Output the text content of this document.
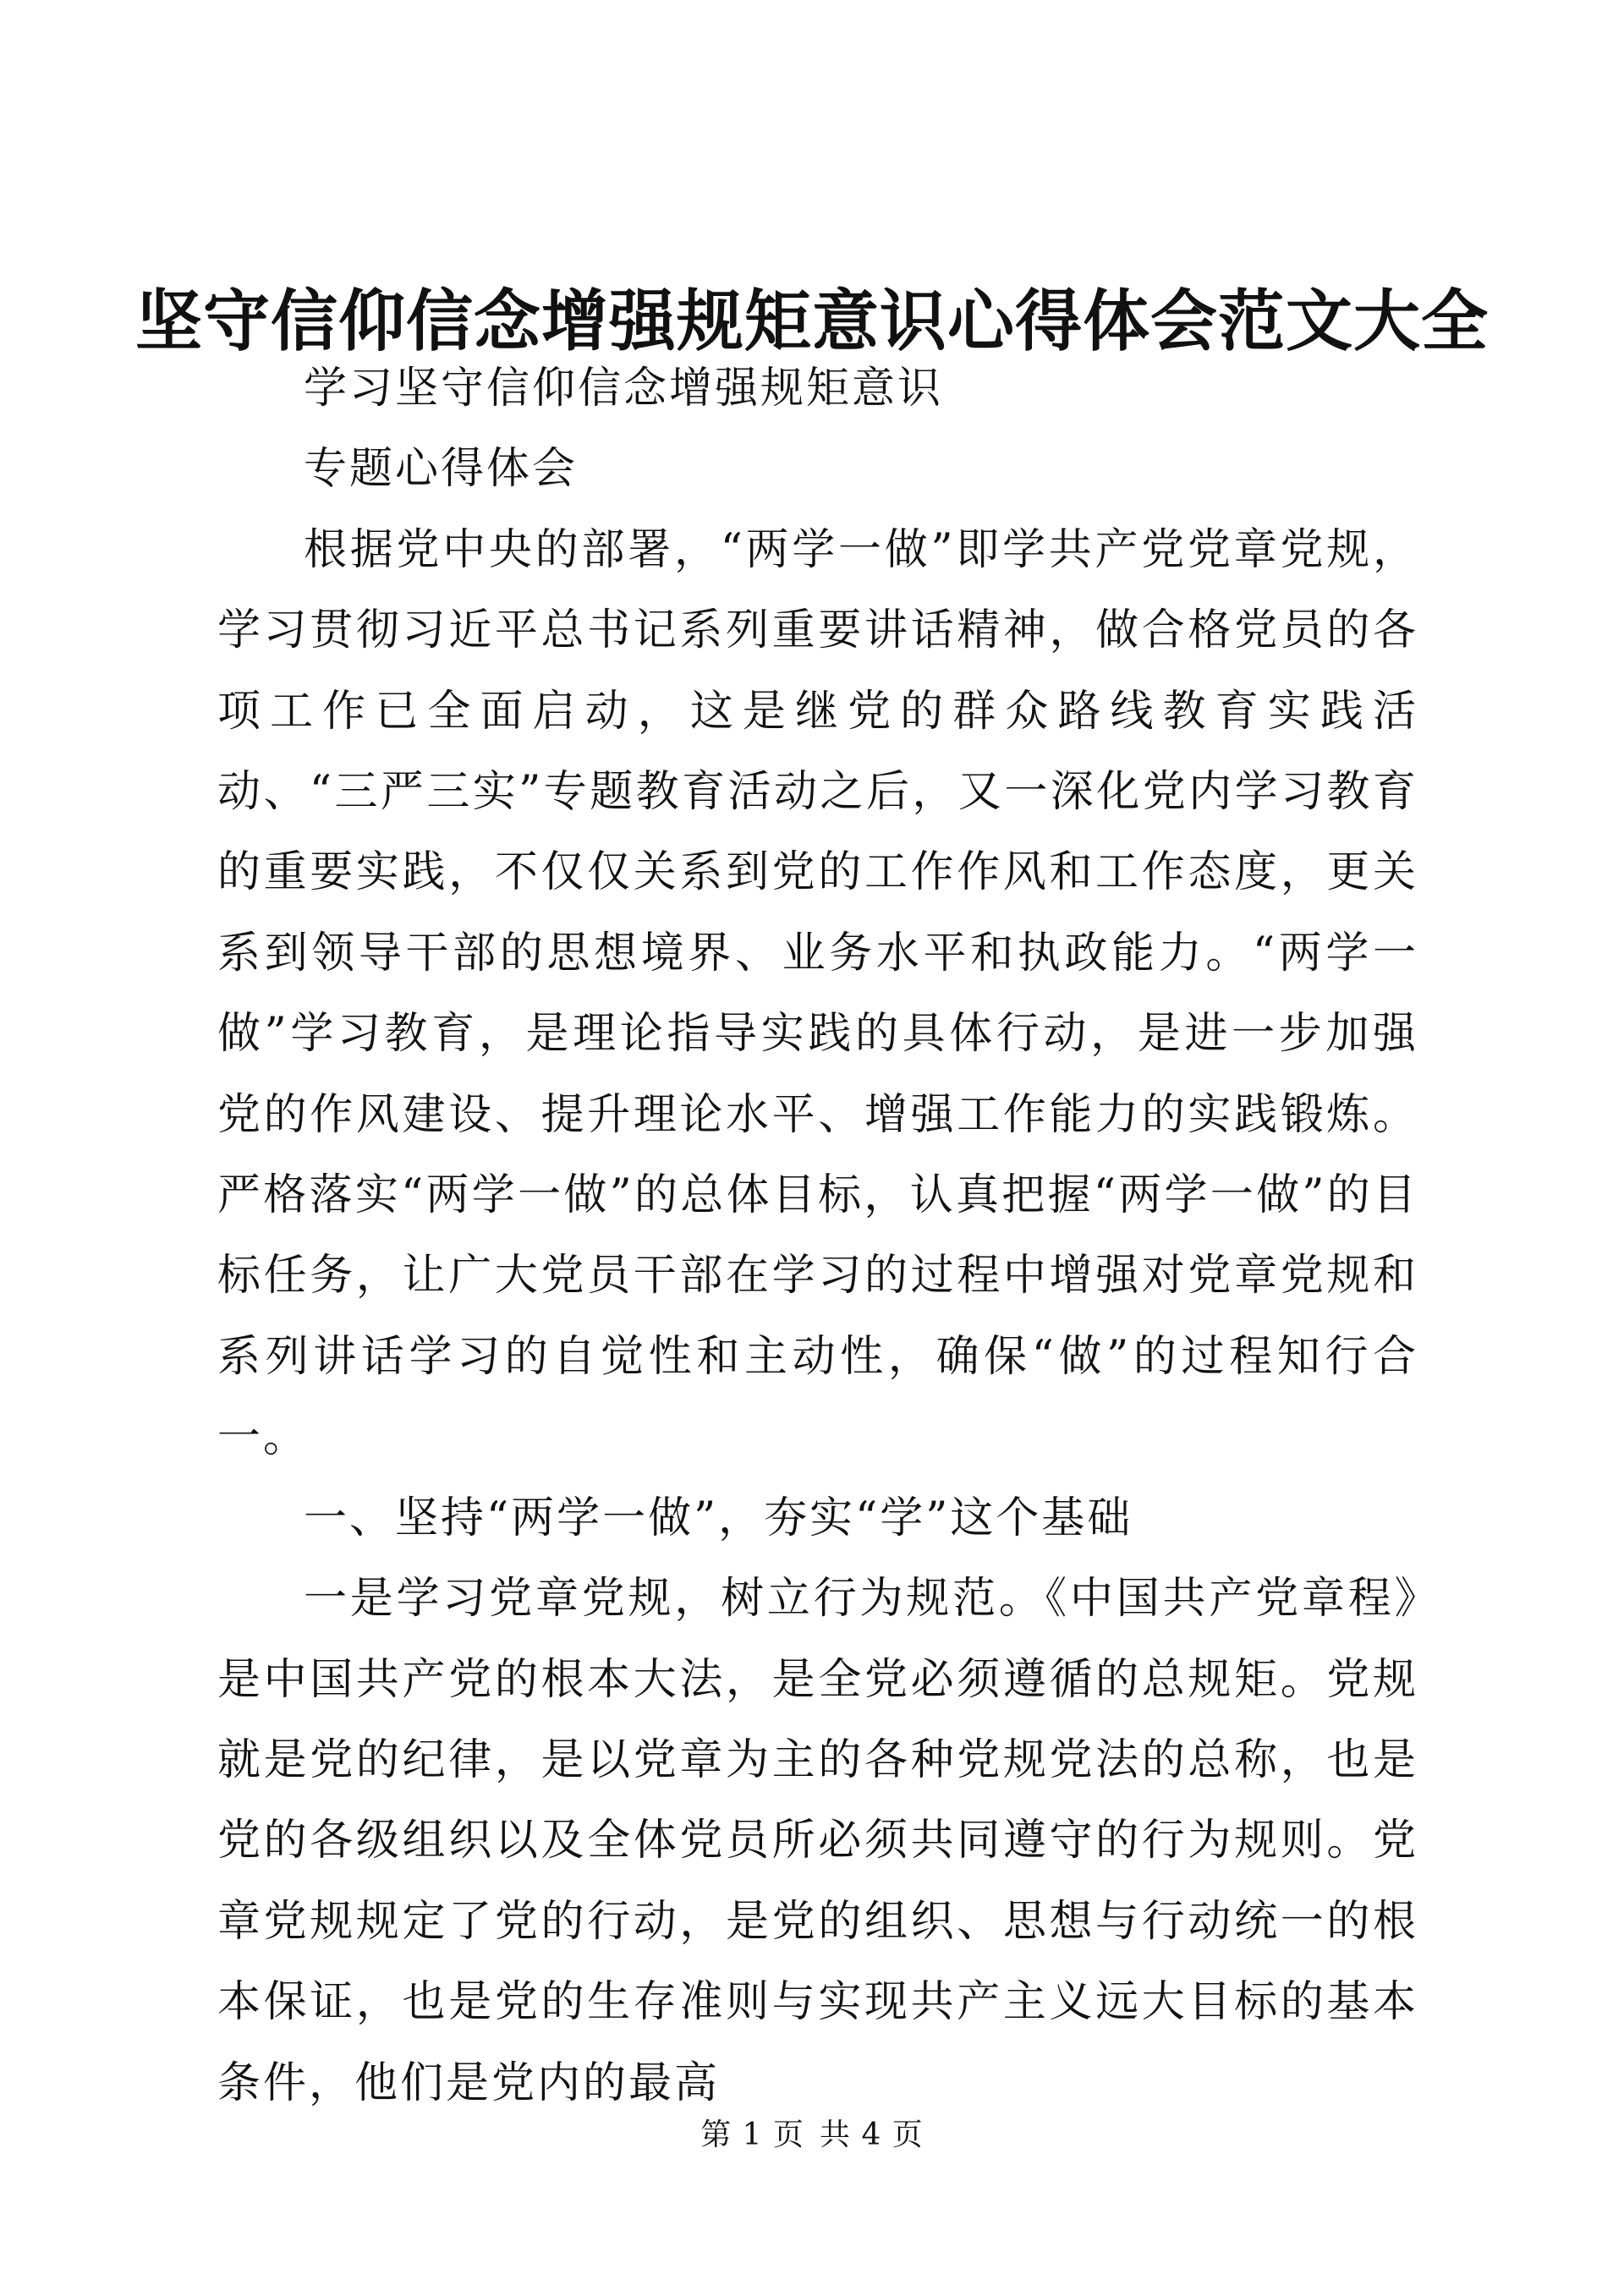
坚守信仰信念增强规矩意识心得体会范文大全

学习坚守信仰信念增强规矩意识

专题心得体会

根据党中央的部署，“两学一做”即学共产党党章党规，学习贯彻习近平总书记系列重要讲话精神，做合格党员的各项工作已全面启动，这是继党的群众路线教育实践活动、“三严三实”专题教育活动之后，又一深化党内学习教育的重要实践，不仅仅关系到党的工作作风和工作态度，更关系到领导干部的思想境界、业务水平和执政能力。“两学一做”学习教育，是理论指导实践的具体行动，是进一步加强党的作风建设、提升理论水平、增强工作能力的实践锻炼。严格落实“两学一做”的总体目标，认真把握“两学一做”的目标任务，让广大党员干部在学习的过程中增强对党章党规和系列讲话学习的自觉性和主动性，确保“做”的过程知行合一。

一、坚持“两学一做”，夯实“学”这个基础

一是学习党章党规，树立行为规范。《中国共产党章程》是中国共产党的根本大法，是全党必须遵循的总规矩。党规就是党的纪律，是以党章为主的各种党规党法的总称，也是党的各级组织以及全体党员所必须共同遵守的行为规则。党章党规规定了党的行动，是党的组织、思想与行动统一的根本保证，也是党的生存准则与实现共产主义远大目标的基本条件，他们是党内的最高

第 1 页 共 4 页
